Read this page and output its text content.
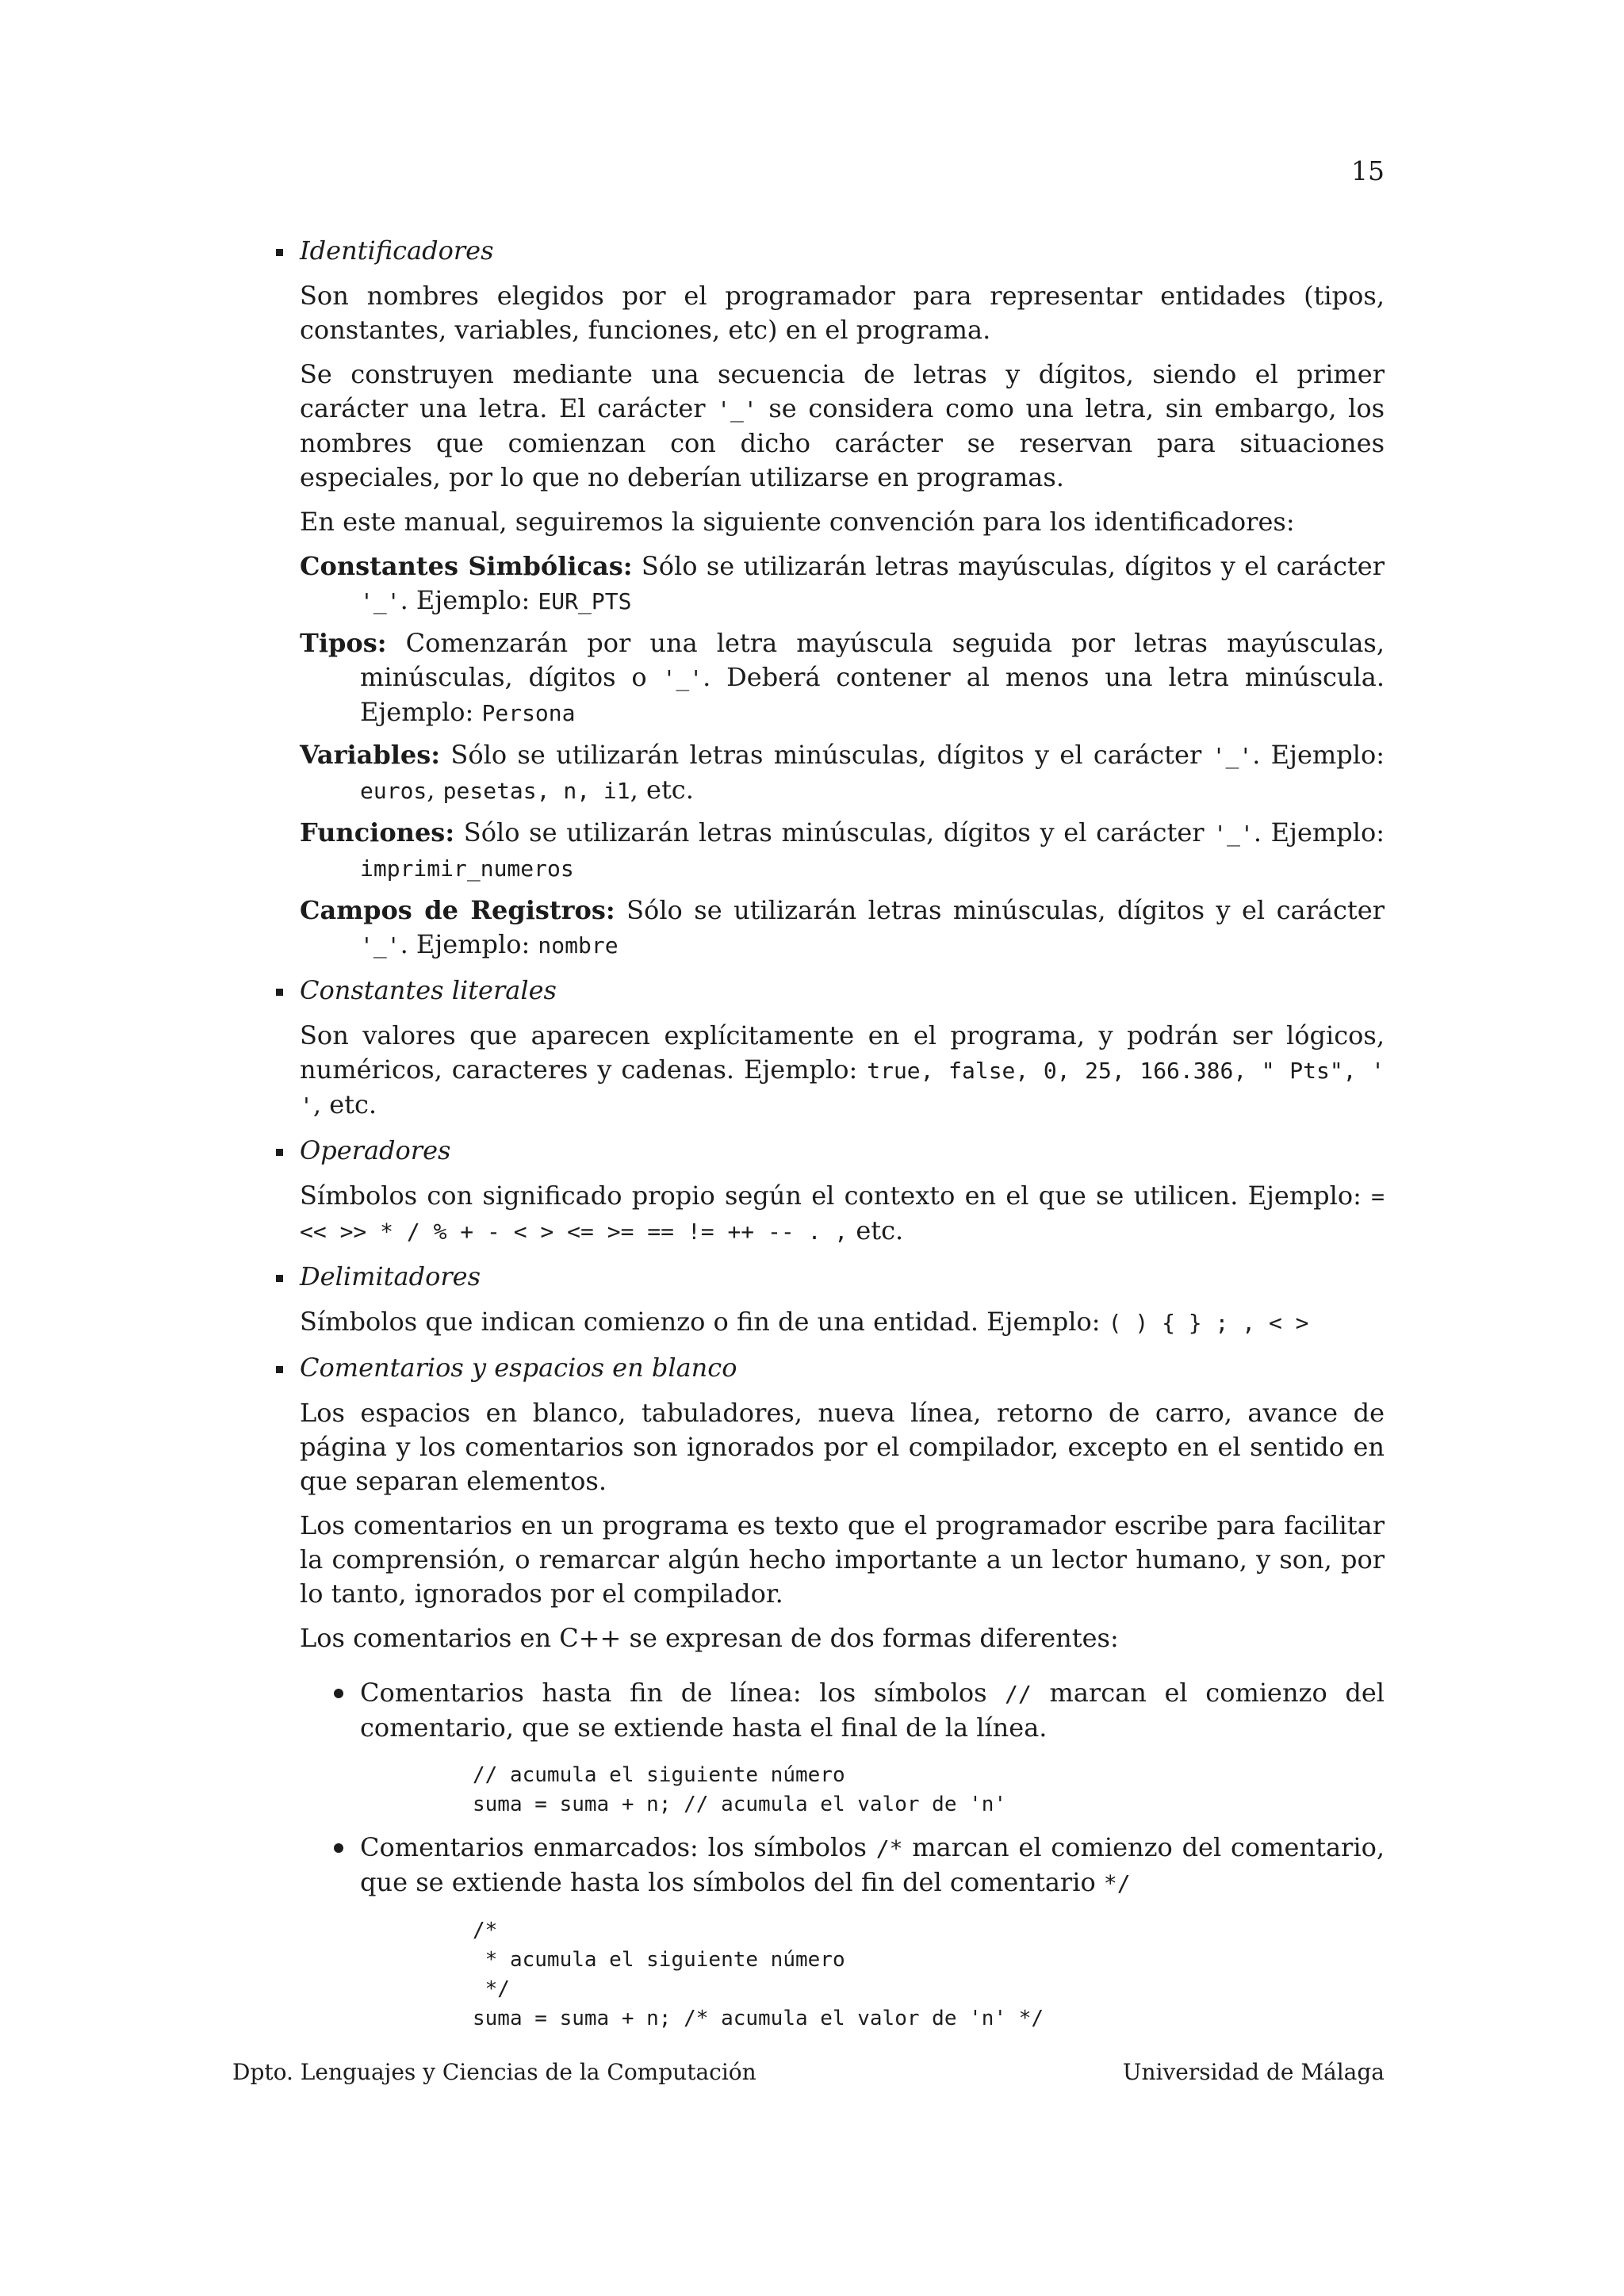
15
Identificadores

Son nombres elegidos por el programador para representar entidades (tipos, constantes, variables, funciones, etc) en el programa.

Se construyen mediante una secuencia de letras y dígitos, siendo el primer carácter una letra. El carácter '_' se considera como una letra, sin embargo, los nombres que comienzan con dicho carácter se reservan para situaciones especiales, por lo que no deberían utilizarse en programas.

En este manual, seguiremos la siguiente convención para los identificadores:

Constantes Simbólicas: Sólo se utilizarán letras mayúsculas, dígitos y el carácter '_'. Ejemplo: EUR_PTS
Tipos: Comenzarán por una letra mayúscula seguida por letras mayúsculas, minúsculas, dígitos o '_'. Deberá contener al menos una letra minúscula. Ejemplo: Persona
Variables: Sólo se utilizarán letras minúsculas, dígitos y el carácter '_'. Ejemplo: euros, pesetas, n, i1, etc.
Funciones: Sólo se utilizarán letras minúsculas, dígitos y el carácter '_'. Ejemplo: imprimir_numeros
Campos de Registros: Sólo se utilizarán letras minúsculas, dígitos y el carácter '_'. Ejemplo: nombre
Constantes literales

Son valores que aparecen explícitamente en el programa, y podrán ser lógicos, numéricos, caracteres y cadenas. Ejemplo: true, false, 0, 25, 166.386, " Pts", ' ', etc.

Operadores

Símbolos con significado propio según el contexto en el que se utilicen. Ejemplo: = << >> * / % + - < > <= >= == != ++ -- . , etc.

Delimitadores

Símbolos que indican comienzo o fin de una entidad. Ejemplo: ( ) { } ; , < >

Comentarios y espacios en blanco

Los espacios en blanco, tabuladores, nueva línea, retorno de carro, avance de página y los comentarios son ignorados por el compilador, excepto en el sentido en que separan elementos.

Los comentarios en un programa es texto que el programador escribe para facilitar la comprensión, o remarcar algún hecho importante a un lector humano, y son, por lo tanto, ignorados por el compilador.

Los comentarios en C++ se expresan de dos formas diferentes:

Comentarios hasta fin de línea: los símbolos // marcan el comienzo del comentario, que se extiende hasta el final de la línea.

// acumula el siguiente número
suma = suma + n; // acumula el valor de 'n'

Comentarios enmarcados: los símbolos /* marcan el comienzo del comentario, que se extiende hasta los símbolos del fin del comentario */

/*
* acumula el siguiente número
*/
suma = suma + n; /* acumula el valor de 'n' */
Dpto. Lenguajes y Ciencias de la Computación	Universidad de Málaga
